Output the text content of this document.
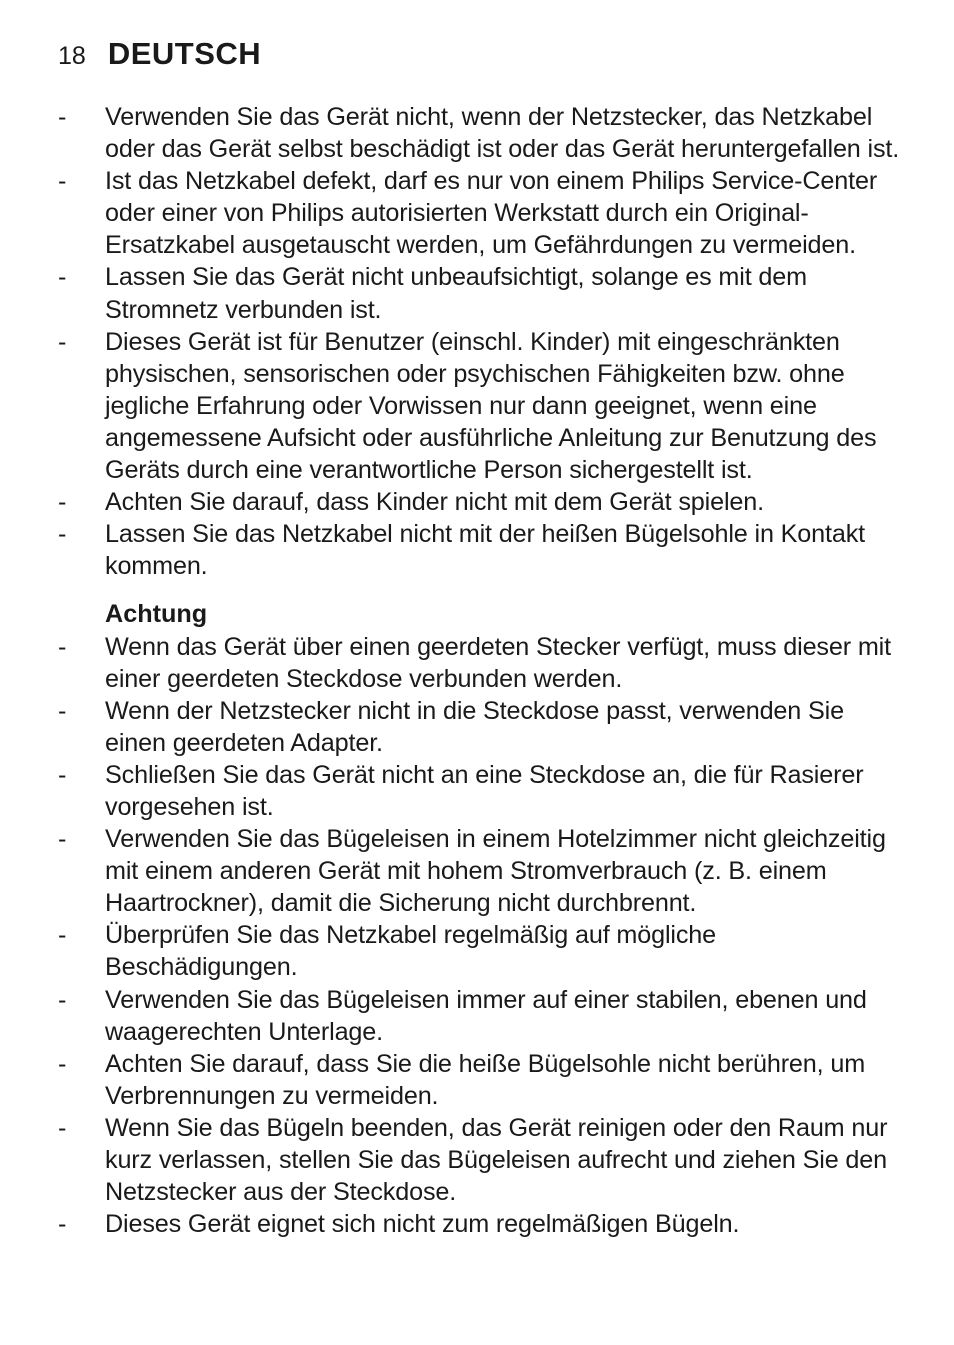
18 DEUTSCH
- Verwenden Sie das Gerät nicht, wenn der Netzstecker, das Netzkabel oder das Gerät selbst beschädigt ist oder das Gerät heruntergefallen ist.
- Ist das Netzkabel defekt, darf es nur von einem Philips Service-Center oder einer von Philips autorisierten Werkstatt durch ein Original-Ersatzkabel ausgetauscht werden, um Gefährdungen zu vermeiden.
- Lassen Sie das Gerät nicht unbeaufsichtigt, solange es mit dem Stromnetz verbunden ist.
- Dieses Gerät ist für Benutzer (einschl. Kinder) mit eingeschränkten physischen, sensorischen oder psychischen Fähigkeiten bzw. ohne jegliche Erfahrung oder Vorwissen nur dann geeignet, wenn eine angemessene Aufsicht oder ausführliche Anleitung zur Benutzung des Geräts durch eine verantwortliche Person sichergestellt ist.
- Achten Sie darauf, dass Kinder nicht mit dem Gerät spielen.
- Lassen Sie das Netzkabel nicht mit der heißen Bügelsohle in Kontakt kommen.
Achtung
- Wenn das Gerät über einen geerdeten Stecker verfügt, muss dieser mit einer geerdeten Steckdose verbunden werden.
- Wenn der Netzstecker nicht in die Steckdose passt, verwenden Sie einen geerdeten Adapter.
- Schließen Sie das Gerät nicht an eine Steckdose an, die für Rasierer vorgesehen ist.
- Verwenden Sie das Bügeleisen in einem Hotelzimmer nicht gleichzeitig mit einem anderen Gerät mit hohem Stromverbrauch (z. B. einem Haartrockner), damit die Sicherung nicht durchbrennt.
- Überprüfen Sie das Netzkabel regelmäßig auf mögliche Beschädigungen.
- Verwenden Sie das Bügeleisen immer auf einer stabilen, ebenen und waagerechten Unterlage.
- Achten Sie darauf, dass Sie die heiße Bügelsohle nicht berühren, um Verbrennungen zu vermeiden.
- Wenn Sie das Bügeln beenden, das Gerät reinigen oder den Raum nur kurz verlassen, stellen Sie das Bügeleisen aufrecht und ziehen Sie den Netzstecker aus der Steckdose.
- Dieses Gerät eignet sich nicht zum regelmäßigen Bügeln.
